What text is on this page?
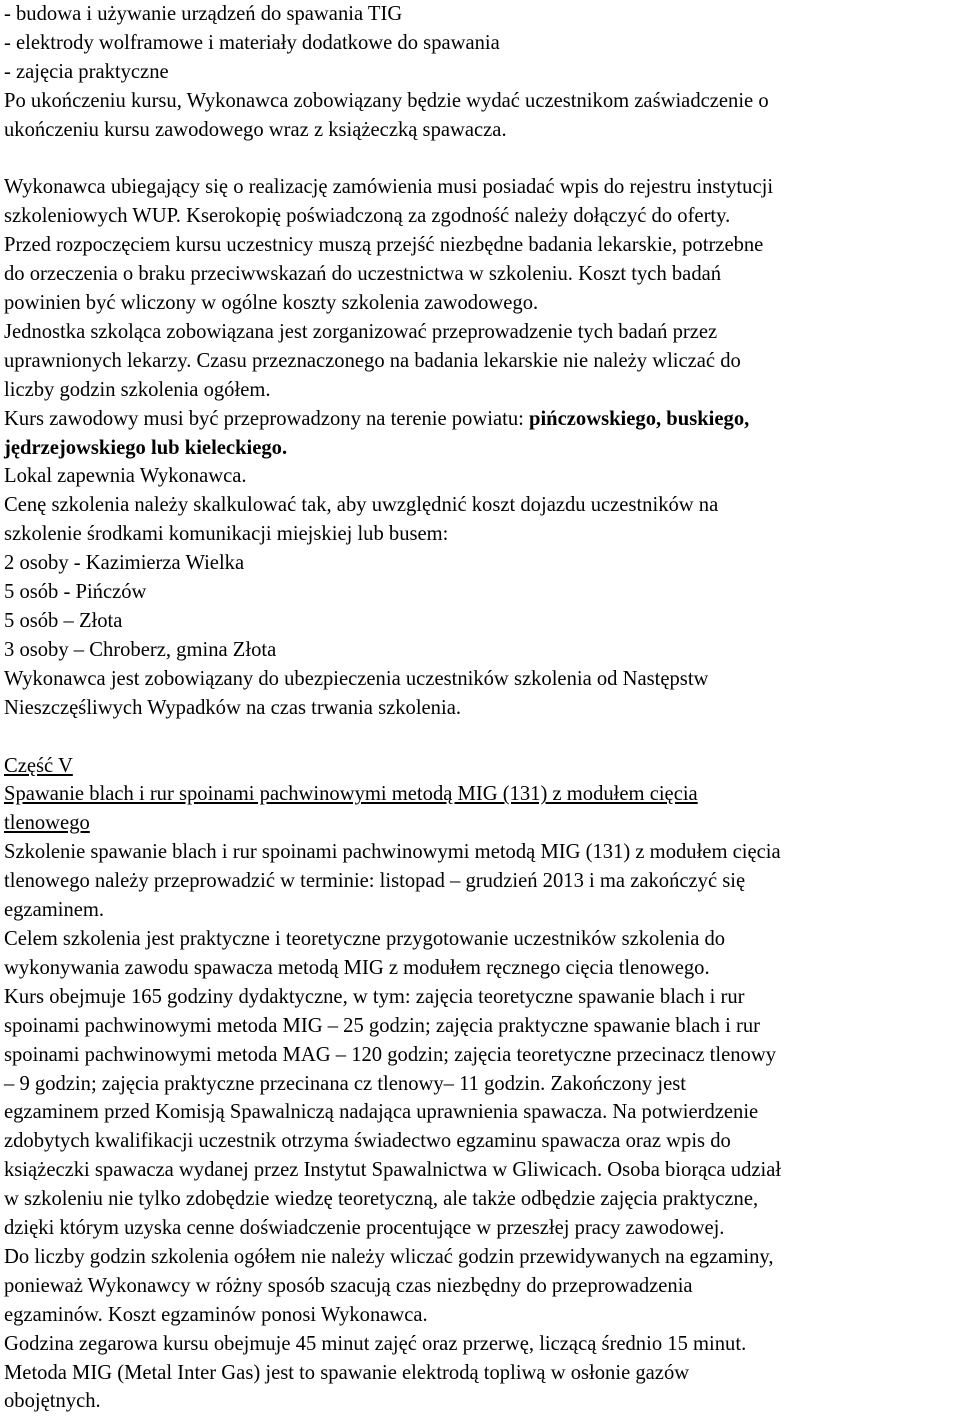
- budowa i używanie urządzeń do spawania TIG
- elektrody wolframowe i materiały dodatkowe do spawania
- zajęcia praktyczne
Po ukończeniu kursu, Wykonawca zobowiązany będzie wydać uczestnikom zaświadczenie o
ukończeniu kursu zawodowego wraz z książeczką spawacza.
Wykonawca ubiegający się o realizację zamówienia musi posiadać wpis do rejestru instytucji
szkoleniowych WUP. Kserokopię poświadczoną za zgodność należy dołączyć do oferty.
Przed rozpoczęciem kursu uczestnicy muszą przejść niezbędne badania lekarskie, potrzebne
do orzeczenia o braku przeciwwskazań do uczestnictwa w szkoleniu. Koszt tych badań
powinien być wliczony w ogólne koszty szkolenia zawodowego.
Jednostka szkoląca zobowiązana jest zorganizować przeprowadzenie tych badań przez
uprawnionych lekarzy. Czasu przeznaczonego na badania lekarskie nie należy wliczać do
liczby godzin szkolenia ogółem.
Kurs zawodowy musi być przeprowadzony na terenie powiatu: pińczowskiego, buskiego,
jędrzejowskiego lub kieleckiego.
Lokal zapewnia Wykonawca.
Cenę szkolenia należy skalkulować tak, aby uwzględnić koszt dojazdu uczestników na
szkolenie środkami komunikacji miejskiej lub busem:
2 osoby - Kazimierza Wielka
5 osób - Pińczów
5 osób – Złota
3 osoby – Chroberz, gmina Złota
Wykonawca jest zobowiązany do ubezpieczenia uczestników szkolenia od Następstw
Nieszczęśliwych Wypadków na czas trwania szkolenia.
Część V
Spawanie blach i rur spoinami pachwinowymi metodą MIG (131) z modułem cięcia
tlenowego
Szkolenie spawanie blach i rur spoinami pachwinowymi metodą MIG (131) z modułem cięcia
tlenowego należy przeprowadzić w terminie: listopad – grudzień 2013 i ma zakończyć się
egzaminem.
Celem szkolenia jest praktyczne i teoretyczne przygotowanie uczestników szkolenia do
wykonywania zawodu spawacza metodą MIG z modułem ręcznego cięcia tlenowego.
Kurs obejmuje 165 godziny dydaktyczne, w tym: zajęcia teoretyczne spawanie blach i rur
spoinami pachwinowymi metoda MIG – 25 godzin; zajęcia praktyczne spawanie blach i rur
spoinami pachwinowymi metoda MAG – 120 godzin; zajęcia teoretyczne przecinacz tlenowy
– 9 godzin; zajęcia praktyczne przecinana cz tlenowy– 11 godzin. Zakończony jest
egzaminem przed Komisją Spawalniczą nadająca uprawnienia spawacza. Na potwierdzenie
zdobytych kwalifikacji uczestnik otrzyma świadectwo egzaminu spawacza oraz wpis do
książeczki spawacza wydanej przez Instytut Spawalnictwa w Gliwicach. Osoba biorąca udział
w szkoleniu nie tylko zdobędzie wiedzę teoretyczną, ale także odbędzie zajęcia praktyczne,
dzięki którym uzyska cenne doświadczenie procentujące w przeszłej pracy zawodowej.
Do liczby godzin szkolenia ogółem nie należy wliczać godzin przewidywanych na egzaminy,
ponieważ Wykonawcy w różny sposób szacują czas niezbędny do przeprowadzenia
egzaminów. Koszt egzaminów ponosi Wykonawca.
Godzina zegarowa kursu obejmuje 45 minut zajęć oraz przerwę, liczącą średnio 15 minut.
Metoda MIG (Metal Inter Gas) jest to spawanie elektrodą topliwą w osłonie gazów
obojętnych.
